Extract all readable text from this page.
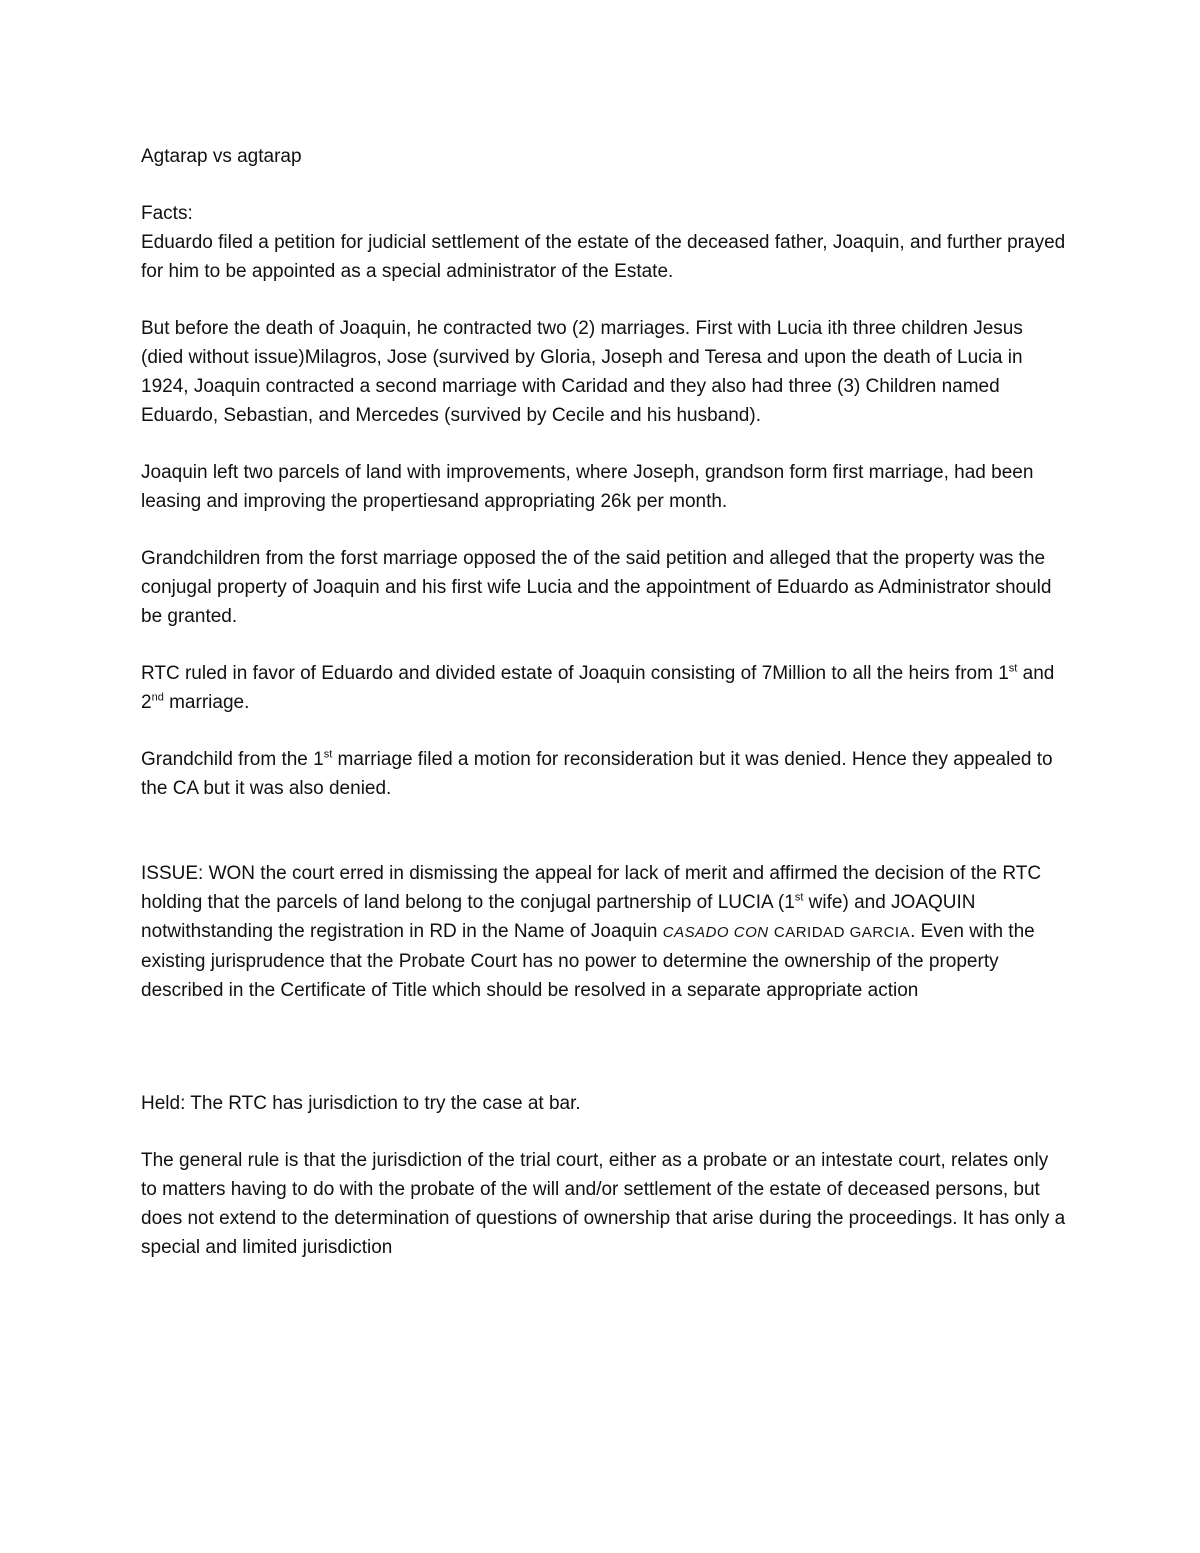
Agtarap vs agtarap

Facts:

Eduardo filed a petition for judicial settlement of the estate of the deceased father, Joaquin, and further prayed for him to be appointed as a special administrator of the Estate.

But before the death of Joaquin, he contracted two (2) marriages. First with Lucia ith three children Jesus (died without issue)Milagros, Jose (survived by Gloria, Joseph and Teresa and upon the death of Lucia in 1924, Joaquin contracted a second marriage with Caridad and they also had three (3) Children named Eduardo, Sebastian, and Mercedes (survived by Cecile and his husband).

Joaquin left two parcels of land with improvements, where Joseph, grandson form first marriage, had been leasing and improving the propertiesand appropriating 26k per month.

Grandchildren from the forst marriage opposed the of the said petition and alleged that the property was the conjugal property of Joaquin and his first wife Lucia and the appointment of Eduardo as Administrator should be granted.

RTC ruled in favor of Eduardo and divided estate of Joaquin consisting of 7Million to all the heirs from 1st and 2nd marriage.

Grandchild from the 1st marriage filed a motion for reconsideration but it was denied. Hence they appealed to the CA but it was also denied.

ISSUE: WON the court erred in dismissing the appeal for lack of merit and affirmed the decision of the RTC holding that the parcels of land belong to the conjugal partnership of LUCIA (1st wife) and JOAQUIN notwithstanding the registration in RD in the Name of Joaquin CASADO CON CARIDAD GARCIA. Even with the existing jurisprudence that the Probate Court has no power to determine the ownership of the property described in the Certificate of Title which should be resolved in a separate appropriate action

Held: The RTC has jurisdiction to try the case at bar.

The general rule is that the jurisdiction of the trial court, either as a probate or an intestate court, relates only to matters having to do with the probate of the will and/or settlement of the estate of deceased persons, but does not extend to the determination of questions of ownership that arise during the proceedings. It has only a special and limited jurisdiction
